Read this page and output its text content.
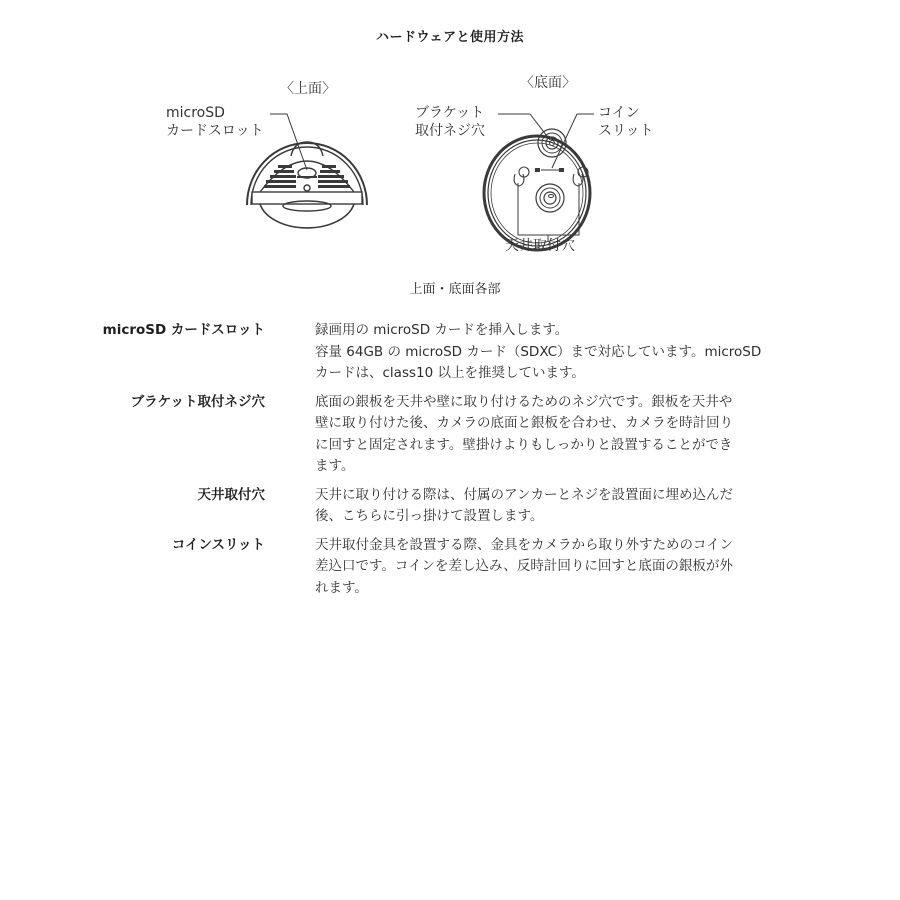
ハードウェアと使用方法
〈上面〉
microSD
カードスロット
〈底面〉
ブラケット
取付ネジ穴
コイン
スリット
天井取付穴
上面・底面各部
microSD カードスロット	録画用の microSD カードを挿入します。
容量 64GB の microSD カード（SDXC）まで対応しています。microSD
カードは、class10 以上を推奨しています。
ブラケット取付ネジ穴	底面の銀板を天井や壁に取り付けるためのネジ穴です。銀板を天井や
壁に取り付けた後、カメラの底面と銀板を合わせ、カメラを時計回り
に回すと固定されます。壁掛けよりもしっかりと設置することができ
ます。
天井取付穴	天井に取り付ける際は、付属のアンカーとネジを設置面に埋め込んだ
後、こちらに引っ掛けて設置します。
コインスリット	天井取付金具を設置する際、金具をカメラから取り外すためのコイン
差込口です。コインを差し込み、反時計回りに回すと底面の銀板が外
れます。
